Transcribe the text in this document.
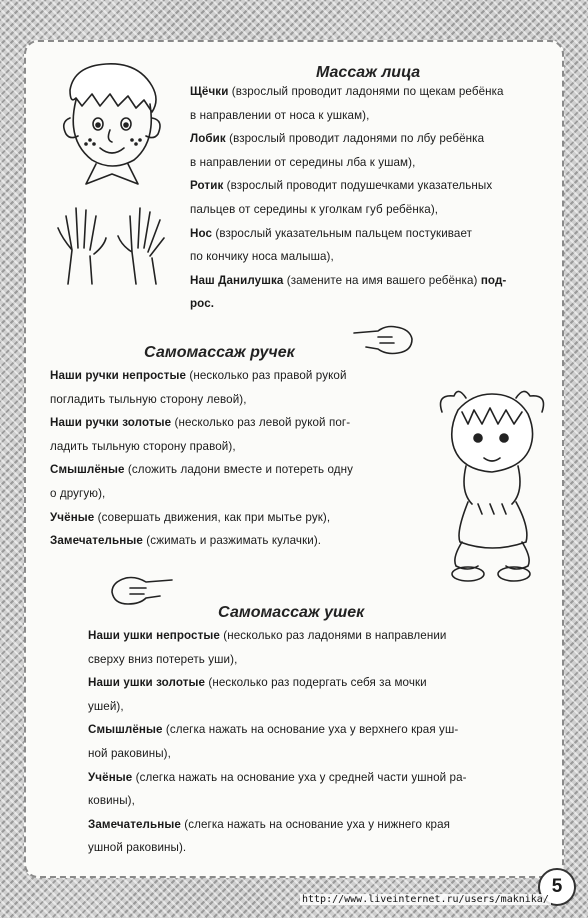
Массаж лица

Щёчки (взрослый проводит ладонями по щекам ребёнка

в направлении от носа к ушкам),

Лобик (взрослый проводит ладонями по лбу ребёнка

в направлении от середины лба к ушам),

Ротик (взрослый проводит подушечками указательных

пальцев от середины к уголкам губ ребёнка),

Нос (взрослый указательным пальцем постукивает

по кончику носа малыша),

Наш Данилушка (замените на имя вашего ребёнка) под-

рос.

Самомассаж ручек

Наши ручки непростые (несколько раз правой рукой

погладить тыльную сторону левой),

Наши ручки золотые (несколько раз левой рукой пог-

ладить тыльную сторону правой),

Смышлёные (сложить ладони вместе и потереть одну

о другую),

Учёные (совершать движения, как при мытье рук),

Замечательные (сжимать и разжимать кулачки).

Самомассаж ушек

Наши ушки непростые (несколько раз ладонями в направлении

сверху вниз потереть уши),

Наши ушки золотые (несколько раз подергать себя за мочки

ушей),

Смышлёные (слегка нажать на основание уха у верхнего края уш-

ной раковины),

Учёные (слегка нажать на основание уха у средней части ушной ра-

ковины),

Замечательные (слегка нажать на основание уха у нижнего края

ушной раковины).

5
http://www.liveinternet.ru/users/maknika/
